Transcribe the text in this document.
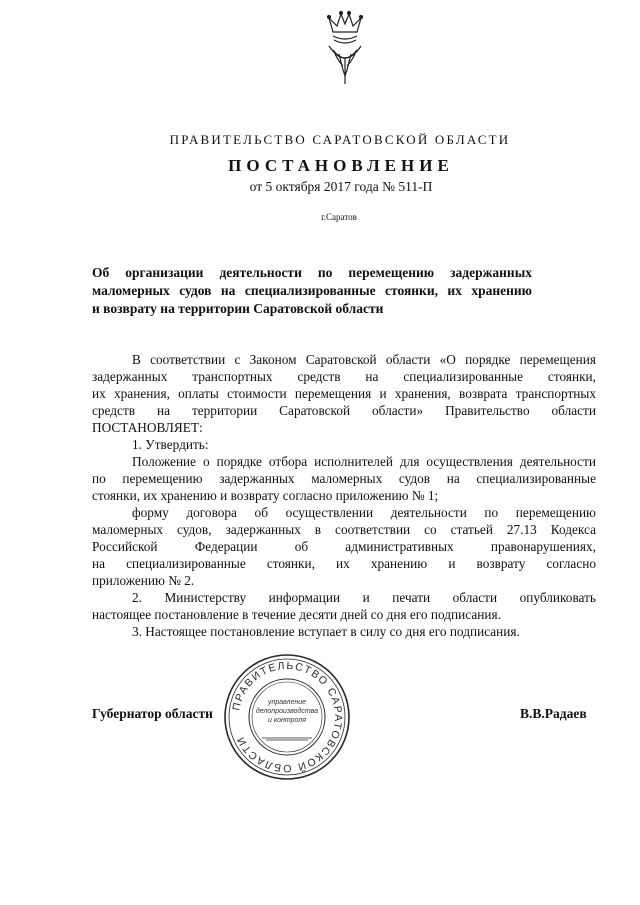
ПРАВИТЕЛЬСТВО САРАТОВСКОЙ ОБЛАСТИ
ПОСТАНОВЛЕНИЕ
от 5 октября 2017 года № 511-П
г.Саратов
Об организации деятельности по перемещению задержанных
маломерных судов на специализированные стоянки, их хранению
и возврату на территории Саратовской области
В соответствии с Законом Саратовской области «О порядке перемещения
задержанных транспортных средств на специализированные стоянки,
их хранения, оплаты стоимости перемещения и хранения, возврата транспортных
средств на территории Саратовской области» Правительство области
ПОСТАНОВЛЯЕТ:
1. Утвердить:
Положение о порядке отбора исполнителей для осуществления деятельности
по перемещению задержанных маломерных судов на специализированные
стоянки, их хранению и возврату согласно приложению № 1;
форму договора об осуществлении деятельности по перемещению
маломерных судов, задержанных в соответствии со статьей 27.13 Кодекса
Российской Федерации об административных правонарушениях,
на специализированные стоянки, их хранению и возврату согласно
приложению № 2.
2. Министерству информации и печати области опубликовать
настоящее постановление в течение десяти дней со дня его подписания.
3. Настоящее постановление вступает в силу со дня его подписания.
Губернатор области	В.В.Радаев
ПРАВИТЕЛЬСТВО САРАТОВСКОЙ ОБЛАСТИ
управление
делопроизводства
и контроля
